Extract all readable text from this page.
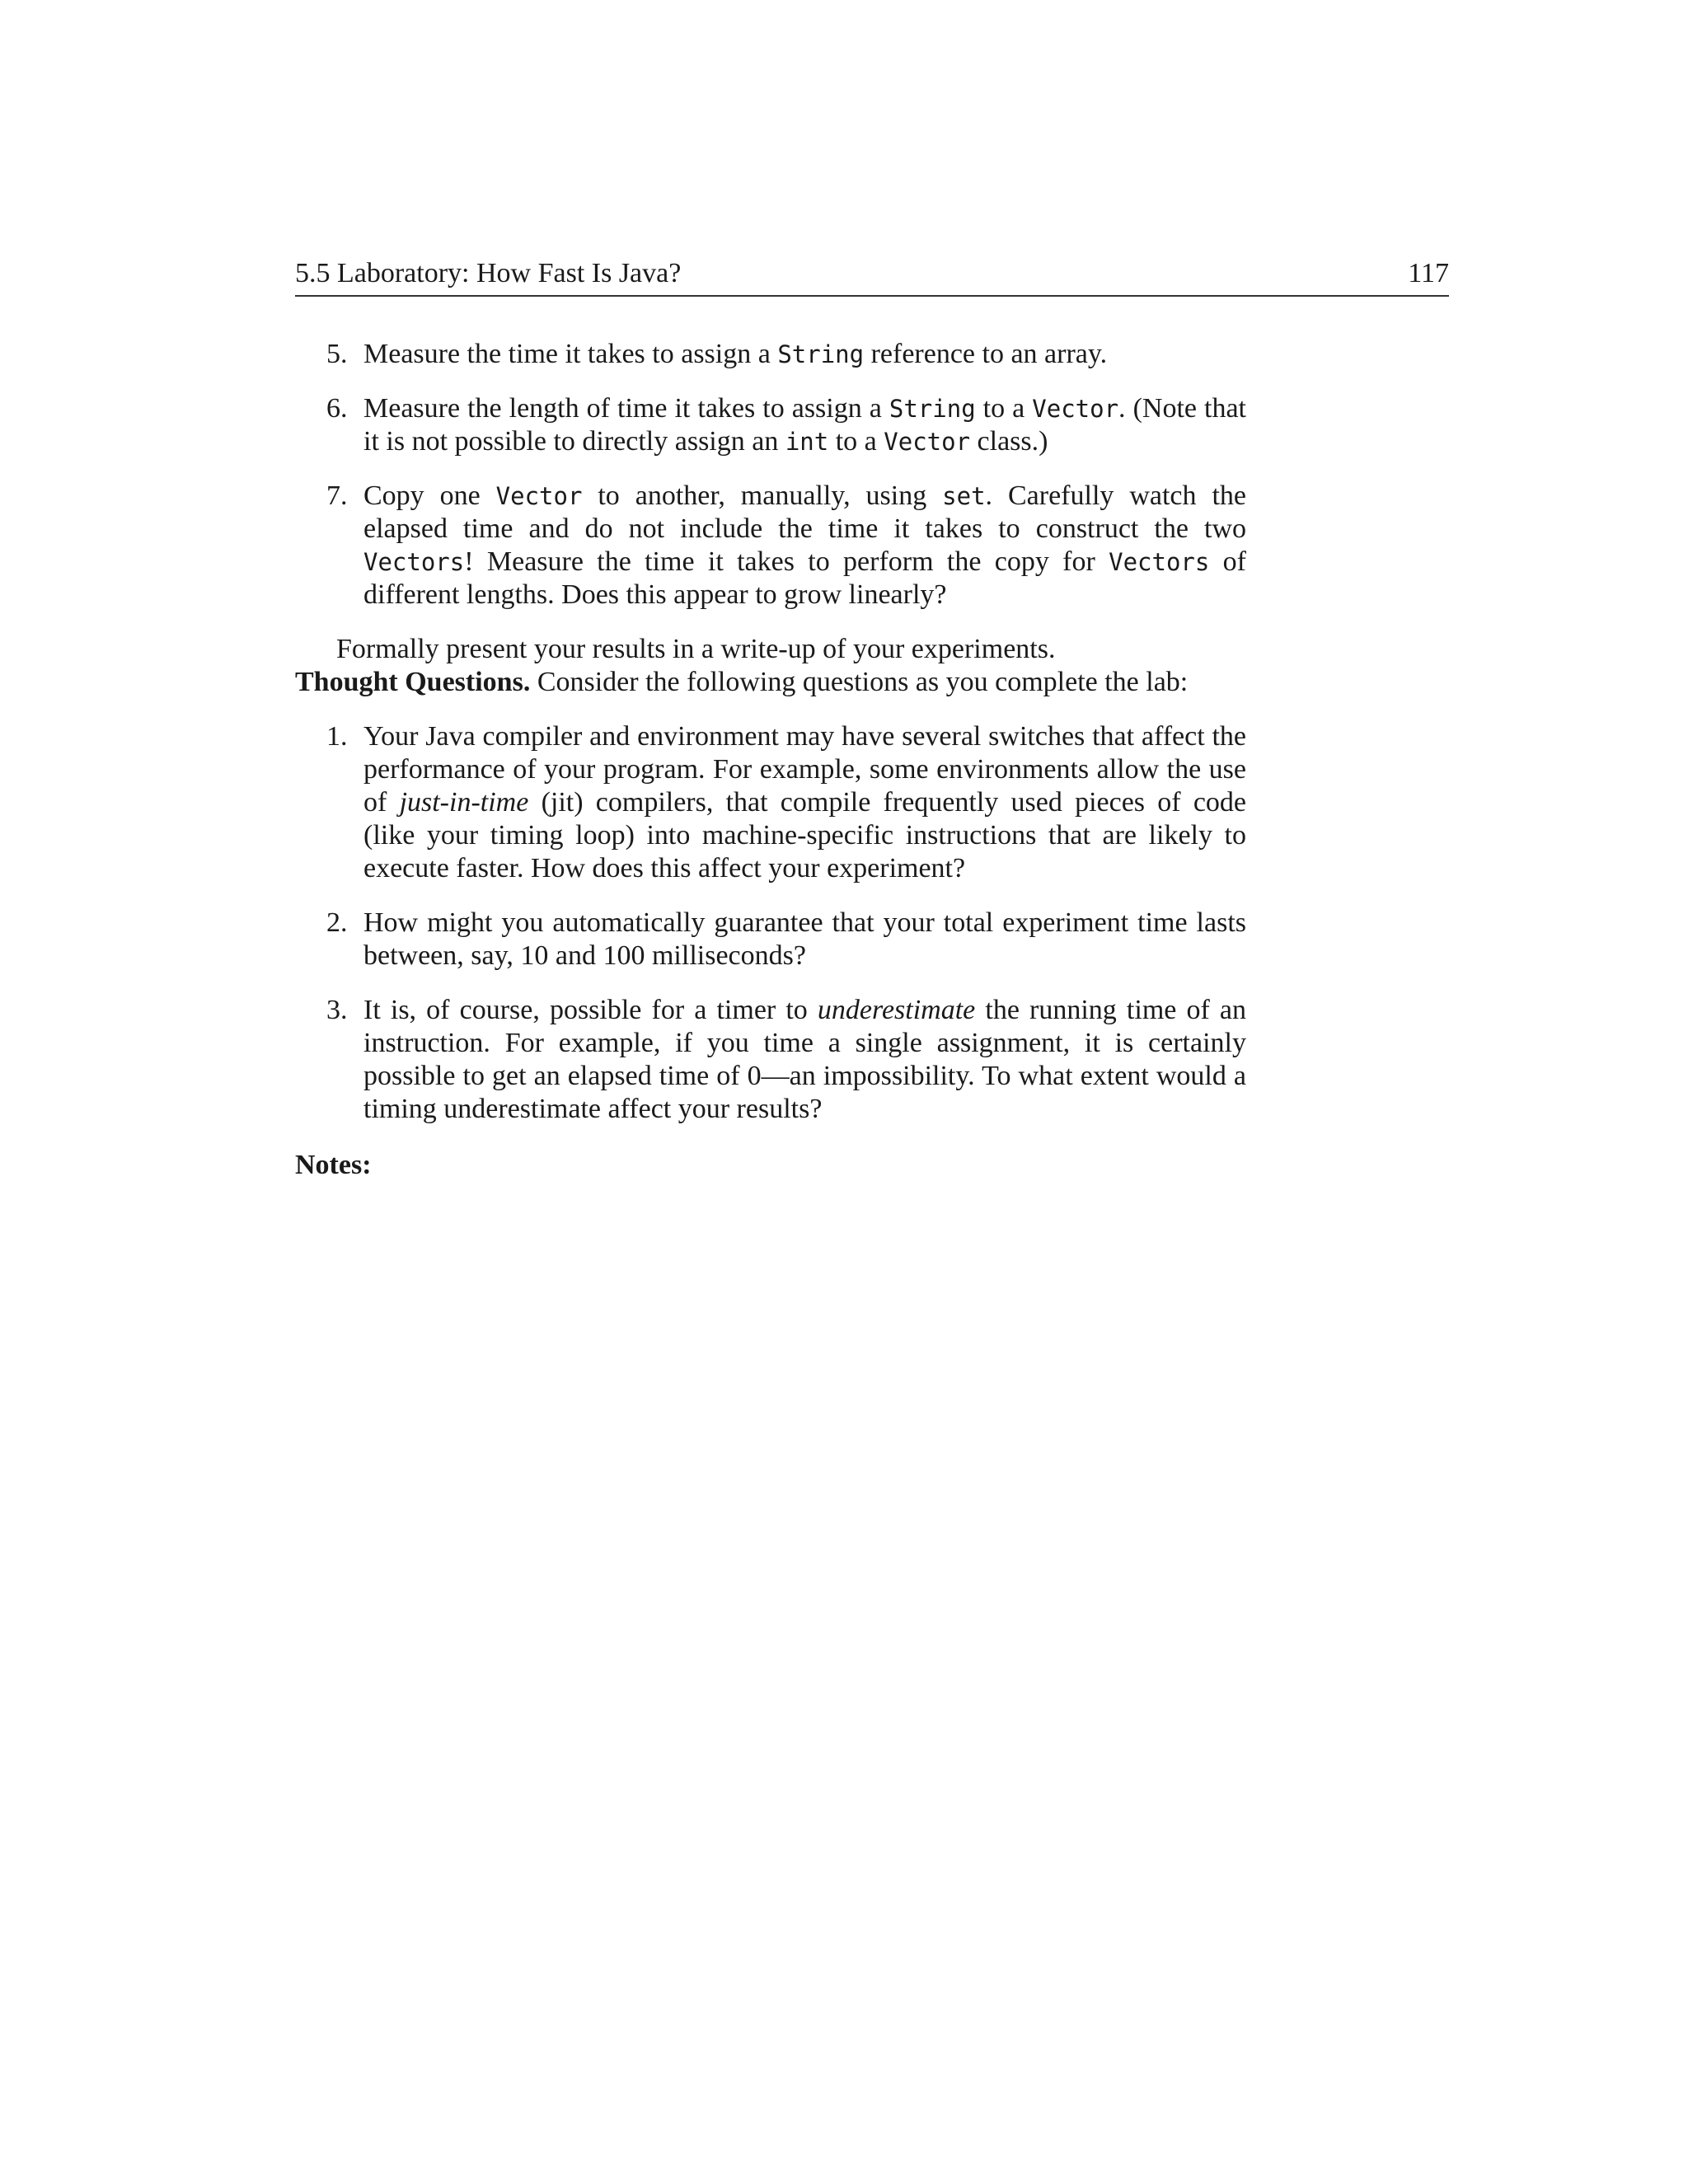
5.5 Laboratory: How Fast Is Java?	117
5. Measure the time it takes to assign a String reference to an array.
6. Measure the length of time it takes to assign a String to a Vector. (Note that it is not possible to directly assign an int to a Vector class.)
7. Copy one Vector to another, manually, using set. Carefully watch the elapsed time and do not include the time it takes to construct the two Vectors! Measure the time it takes to perform the copy for Vectors of different lengths. Does this appear to grow linearly?

Formally present your results in a write-up of your experiments.

Thought Questions. Consider the following questions as you complete the lab:

1. Your Java compiler and environment may have several switches that affect the performance of your program. For example, some environments allow the use of just-in-time (jit) compilers, that compile frequently used pieces of code (like your timing loop) into machine-specific instructions that are likely to execute faster. How does this affect your experiment?
2. How might you automatically guarantee that your total experiment time lasts between, say, 10 and 100 milliseconds?
3. It is, of course, possible for a timer to underestimate the running time of an instruction. For example, if you time a single assignment, it is certainly possible to get an elapsed time of 0—an impossibility. To what extent would a timing underestimate affect your results?
Notes:
